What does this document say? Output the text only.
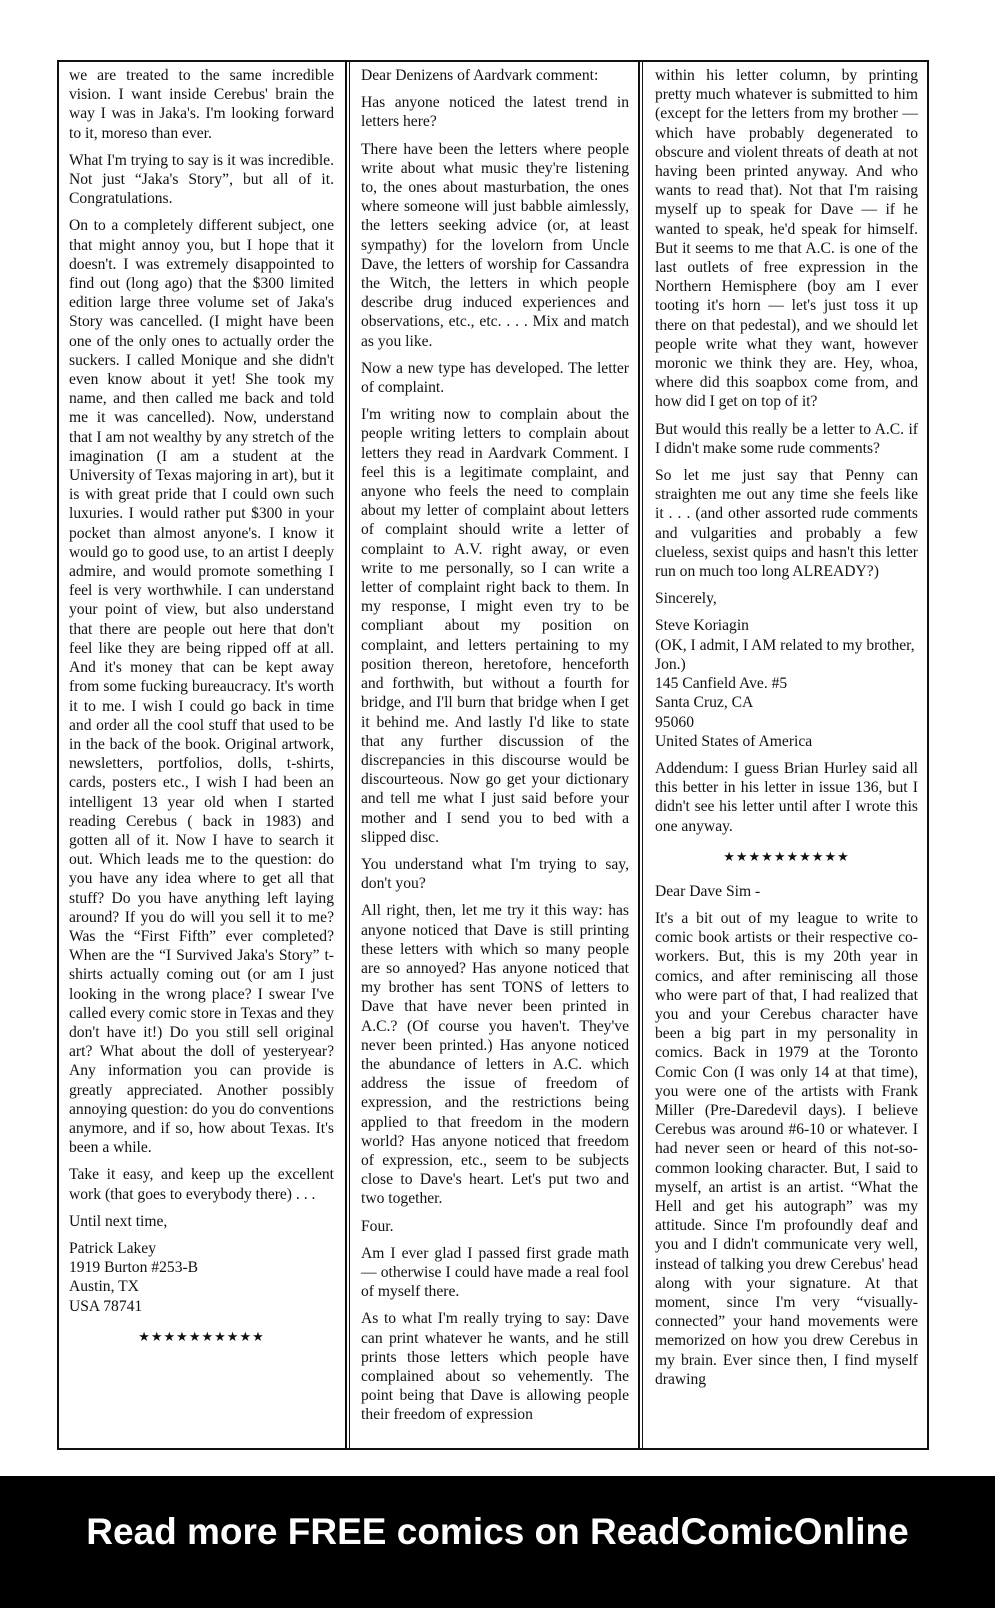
we are treated to the same incredible vision. I want inside Cerebus' brain the way I was in Jaka's. I'm looking forward to it, moreso than ever.

What I'm trying to say is it was incredible. Not just “Jaka's Story”, but all of it. Congratulations.

On to a completely different subject, one that might annoy you, but I hope that it doesn't. I was extremely disappointed to find out (long ago) that the $300 limited edition large three volume set of Jaka's Story was cancelled. (I might have been one of the only ones to actually order the suckers. I called Monique and she didn't even know about it yet! She took my name, and then called me back and told me it was cancelled). Now, understand that I am not wealthy by any stretch of the imagination (I am a student at the University of Texas majoring in art), but it is with great pride that I could own such luxuries. I would rather put $300 in your pocket than almost anyone's. I know it would go to good use, to an artist I deeply admire, and would promote something I feel is very worthwhile. I can understand your point of view, but also understand that there are people out here that don't feel like they are being ripped off at all. And it's money that can be kept away from some fucking bureaucracy. It's worth it to me. I wish I could go back in time and order all the cool stuff that used to be in the back of the book. Original artwork, newsletters, portfolios, dolls, t-shirts, cards, posters etc., I wish I had been an intelligent 13 year old when I started reading Cerebus ( back in 1983) and gotten all of it. Now I have to search it out. Which leads me to the question: do you have any idea where to get all that stuff? Do you have anything left laying around? If you do will you sell it to me? Was the “First Fifth” ever completed? When are the “I Survived Jaka's Story” t-shirts actually coming out (or am I just looking in the wrong place? I swear I've called every comic store in Texas and they don't have it!) Do you still sell original art? What about the doll of yesteryear? Any information you can provide is greatly appreciated. Another possibly annoying question: do you do conventions anymore, and if so, how about Texas. It's been a while.

Take it easy, and keep up the excellent work (that goes to everybody there) . . .

Until next time,

Patrick Lakey
1919 Burton #253-B
Austin, TX
USA 78741
★★★★★★★★★★

Dear Denizens of Aardvark comment:

Has anyone noticed the latest trend in letters here?

There have been the letters where people write about what music they're listening to, the ones about masturbation, the ones where someone will just babble aimlessly, the letters seeking advice (or, at least sympathy) for the lovelorn from Uncle Dave, the letters of worship for Cassandra the Witch, the letters in which people describe drug induced experiences and observations, etc., etc. . . . Mix and match as you like.

Now a new type has developed. The letter of complaint.

I'm writing now to complain about the people writing letters to complain about letters they read in Aardvark Comment. I feel this is a legitimate complaint, and anyone who feels the need to complain about my letter of complaint about letters of complaint should write a letter of complaint to A.V. right away, or even write to me personally, so I can write a letter of complaint right back to them. In my response, I might even try to be compliant about my position on complaint, and letters pertaining to my position thereon, heretofore, henceforth and forthwith, but without a fourth for bridge, and I'll burn that bridge when I get it behind me. And lastly I'd like to state that any further discussion of the discrepancies in this discourse would be discourteous. Now go get your dictionary and tell me what I just said before your mother and I send you to bed with a slipped disc.

You understand what I'm trying to say, don't you?

All right, then, let me try it this way: has anyone noticed that Dave is still printing these letters with which so many people are so annoyed? Has anyone noticed that my brother has sent TONS of letters to Dave that have never been printed in A.C.? (Of course you haven't. They've never been printed.) Has anyone noticed the abundance of letters in A.C. which address the issue of freedom of expression, and the restrictions being applied to that freedom in the modern world? Has anyone noticed that freedom of expression, etc., seem to be subjects close to Dave's heart. Let's put two and two together.

Four.

Am I ever glad I passed first grade math — otherwise I could have made a real fool of myself there.

As to what I'm really trying to say: Dave can print whatever he wants, and he still prints those letters which people have complained about so vehemently. The point being that Dave is allowing people their freedom of expression

within his letter column, by printing pretty much whatever is submitted to him (except for the letters from my brother — which have probably degenerated to obscure and violent threats of death at not having been printed anyway. And who wants to read that). Not that I'm raising myself up to speak for Dave — if he wanted to speak, he'd speak for himself. But it seems to me that A.C. is one of the last outlets of free expression in the Northern Hemisphere (boy am I ever tooting it's horn — let's just toss it up there on that pedestal), and we should let people write what they want, however moronic we think they are. Hey, whoa, where did this soapbox come from, and how did I get on top of it?

But would this really be a letter to A.C. if I didn't make some rude comments?

So let me just say that Penny can straighten me out any time she feels like it . . . (and other assorted rude comments and vulgarities and probably a few clueless, sexist quips and hasn't this letter run on much too long ALREADY?)

Sincerely,

Steve Koriagin
(OK, I admit, I AM related to my brother, Jon.)
145 Canfield Ave. #5
Santa Cruz, CA
95060
United States of America

Addendum: I guess Brian Hurley said all this better in his letter in issue 136, but I didn't see his letter until after I wrote this one anyway.

★★★★★★★★★★

Dear Dave Sim -

It's a bit out of my league to write to comic book artists or their respective co-workers. But, this is my 20th year in comics, and after reminiscing all those who were part of that, I had realized that you and your Cerebus character have been a big part in my personality in comics. Back in 1979 at the Toronto Comic Con (I was only 14 at that time), you were one of the artists with Frank Miller (Pre-Daredevil days). I believe Cerebus was around #6-10 or whatever. I had never seen or heard of this not-so-common looking character. But, I said to myself, an artist is an artist. “What the Hell and get his autograph” was my attitude. Since I'm profoundly deaf and you and I didn't communicate very well, instead of talking you drew Cerebus' head along with your signature. At that moment, since I'm very “visually-connected” your hand movements were memorized on how you drew Cerebus in my brain. Ever since then, I find myself drawing

Read more FREE comics on ReadComicOnline
